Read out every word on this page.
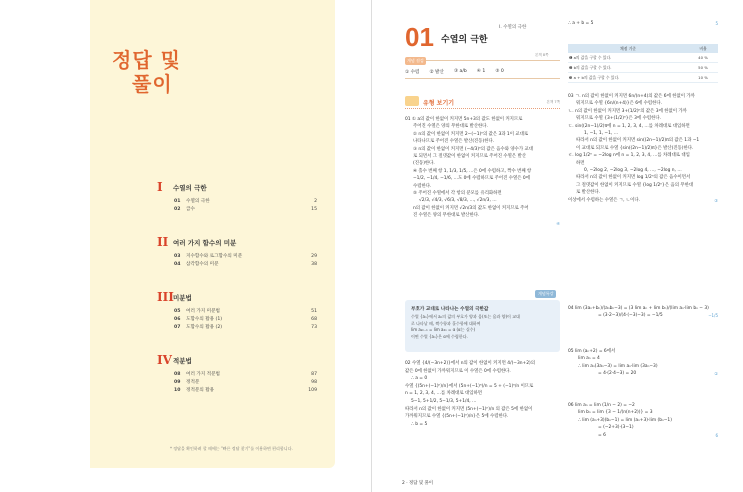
정답 및
풀이
I	수열의 극한
01	수열의 극한	2
02	급수	15
II 여러 가지 함수의 미분
03	지수함수와 로그함수의 미분	29
04	삼각함수의 미분	38
III 미분법
05	여러 가지 미분법	51
06	도함수의 활용 (1)	68
07	도함수의 활용 (2)	73
IV 적분법
08	여러 가지 적분법	87
09	정적분	98
10	정적분의 활용	109
* 정답을 확인하려 할 때에는 "빠른 정답 찾기"를 이용하면 편리합니다.
01 수열의 극한
I. 수열의 극한
본책 8쪽
개념 점검
① 수렴 ② 발산 ③ a/b ④ 1 ⑤ 0
유형 보기기	본책 7쪽

01 ① a의 값이 한없이 커지면 5n+3의 값도 한없이 커지므로

주어진 수열은 양의 무한대로 발산한다.

② n의 값이 한없이 커지면 2−(−1)ⁿ의 값은 3과 1이 교대로

나타나므로 주어진 수열은 발산(진동)한다.

③ n의 값이 한없이 커지면 (−4/3)ⁿ의 값은 음수와 양수가 교대

로 되면서 그 절댓값이 한없이 커지므로 주어진 수열은 발산

(진동)한다.

④ 홀수 번째 항 1, 1/3, 1/5, …은 0에 수렴하고, 짝수 번째 항

−1/2, −1/4, −1/6, …도 0에 수렴하므로 주어진 수열은 0에

수렴한다.

⑤ 주어진 수열에서 각 항의 분모를 유리화하면

√2/3, √4/3, √6/3, √8/3, …, √2n/3, …

n의 값이 한없이 커지면 √2n/3의 값도 한없이 커지므로 주어

진 수열은 양의 무한대로 발산한다.

④

개념특강
부호가 교대로 나타나는 수열의 극한값
수열 {aₙ}에서 aₙ의 값의 부호가 양과 음(또는 음과 양)이 교대
로 나타날 때, 짝수항과 홀수항에 대하여
lim a₂ₙ₋₁ = lim a₂ₙ = α (α는 실수)
이면 수열 {aₙ}은 α에 수렴한다.
02 수열 {4/(−3n+2)}에서 n의 값이 한없이 커지면 4/(−3n+2)의
값은 0에 한없이 가까워지므로 이 수열은 0에 수렴한다.
∴ a = 0
수열 {(5n+(−1)ⁿ)/n}에서 (5n+(−1)ⁿ)/n = 5 + (−1)ⁿ/n 이므로
n = 1, 2, 3, 4, …를 차례대로 대입하면
5−1, 5+1/2, 5−1/3, 5+1/4, …
따라서 n의 값이 한없이 커지면 (5n+(−1)ⁿ)/n 의 값은 5에 한없이
가까워지므로 수열 {(5n+(−1)ⁿ)/n}은 5에 수렴한다.
∴ b = 5
2 · 정답 및 풀이
∴ a + b = 5	5
채점 기준	비율
❶ a의 값을 구할 수 있다.	40 %
❷ b의 값을 구할 수 있다.	50 %
❸ a + b의 값을 구할 수 있다.	10 %

03 ㄱ. n의 값이 한없이 커지면 6n/(n+4)의 값은 6에 한없이 가까

워지므로 수열 {6n/(n+4)}은 6에 수렴한다.

ㄴ. n의 값이 한없이 커지면 3+(1/2)ⁿ의 값은 3에 한없이 가까

워지므로 수열 {3+(1/2)ⁿ}은 3에 수렴한다.

ㄷ. sin((2n−1)/2)π에 n = 1, 2, 3, 4, …를 차례대로 대입하면

1, −1, 1, −1, …

따라서 n의 값이 한없이 커지면 sin((2n−1)/2)π의 값은 1과 −1

이 교대로 되므로 수열 {sin((2n−1)/2)π}은 발산(진동)한다.

ㄹ. log 1/2ⁿ = −2log n에 n = 1, 2, 3, 4, …를 차례대로 대입

하면

0, −2log 2, −2log 3, −2log 4, …, −2log n, …

따라서 n의 값이 한없이 커지면 log 1/2ⁿ의 값은 음수이면서

그 절댓값이 한없이 커지므로 수열 {log 1/2ⁿ}은 음의 무한대

로 발산한다.

이상에서 수렴하는 수열은 ㄱ, ㄴ이다.	③

04 lim (3aₙ+bₙ)/(aₙbₙ−3) = (3 lim aₙ + lim bₙ)/(lim aₙ·lim bₙ − 3)
= (3·2−3)/(4·(−3)−3) = −1/5	−1/5
05 lim (aₙ+2) = 6에서
lim aₙ = 4
∴ lim aₙ(3aₙ−3) = lim aₙ·lim (3aₙ−3)
= 4·(2·4−3) = 20	①
06 lim aₙ = lim (1/n − 2) = −2
lim bₙ = lim {3 − 1/(n(n+2))} = 3
∴ lim (aₙ+3)(bₙ−1) = lim (aₙ+3)·lim (bₙ−1)
= (−2+3)·(3−1)
= 6	6
